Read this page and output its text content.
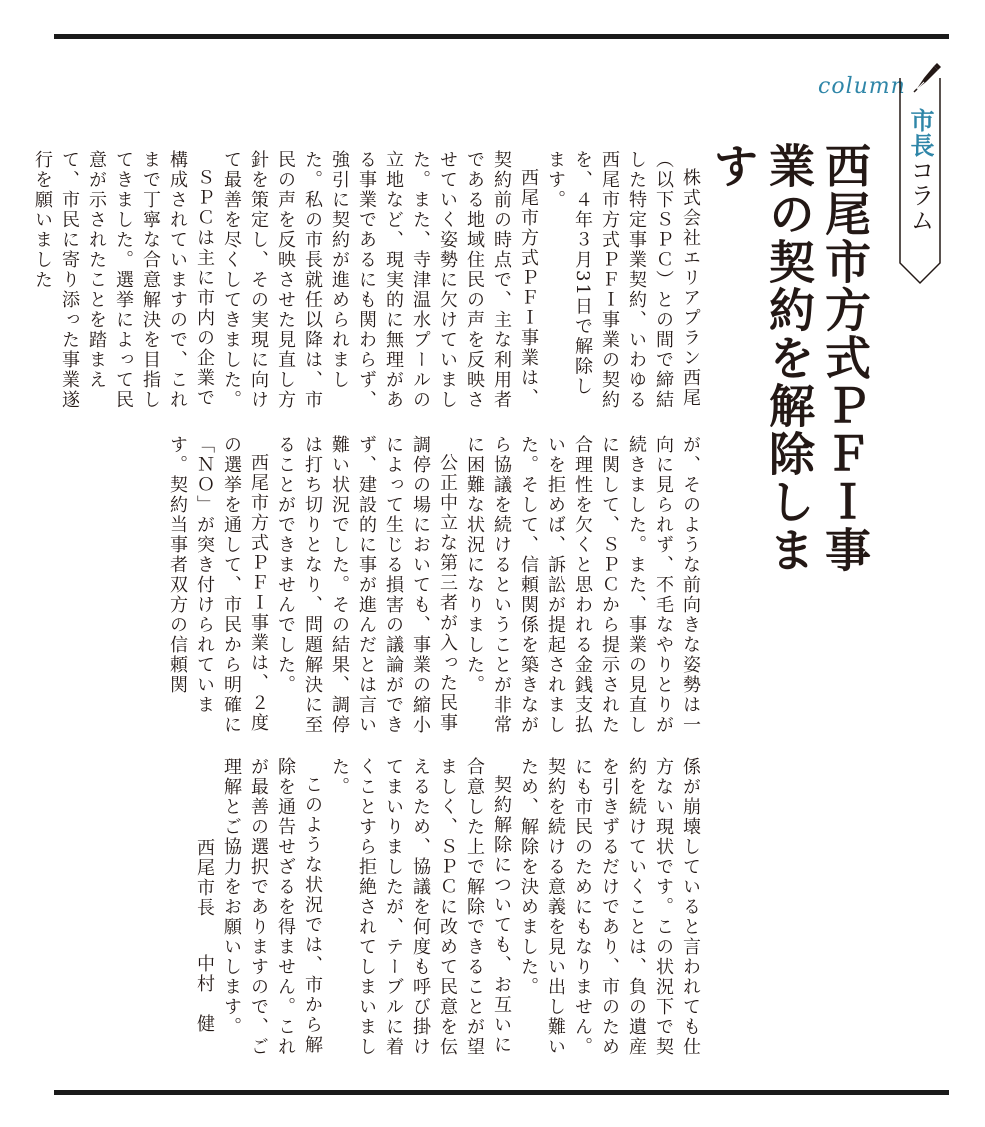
column
市長
コラム
西尾市方式ＰＦＩ事業の契約を解除します

株式会社エリアプラン西尾（以下ＳＰＣ）との間で締結した特定事業契約、いわゆる西尾市方式ＰＦＩ事業の契約を、４年３月31日で解除します。

西尾市方式ＰＦＩ事業は、契約前の時点で、主な利用者である地域住民の声を反映させていく姿勢に欠けていました。また、寺津温水プールの立地など、現実的に無理がある事業であるにも関わらず、強引に契約が進められました。私の市長就任以降は、市民の声を反映させた見直し方針を策定し、その実現に向けて最善を尽くしてきました。

ＳＰＣは主に市内の企業で構成されていますので、これまで丁寧な合意解決を目指してきました。選挙によって民意が示されたことを踏まえて、市民に寄り添った事業遂行を願いました

が、そのような前向きな姿勢は一向に見られず、不毛なやりとりが続きました。また、事業の見直しに関して、ＳＰＣから提示された合理性を欠くと思われる金銭支払いを拒めば、訴訟が提起されました。そして、信頼関係を築きながら協議を続けるということが非常に困難な状況になりました。

公正中立な第三者が入った民事調停の場においても、事業の縮小によって生じる損害の議論ができず、建設的に事が進んだとは言い難い状況でした。その結果、調停は打ち切りとなり、問題解決に至ることができませんでした。

西尾市方式ＰＦＩ事業は、２度の選挙を通して、市民から明確に「ＮＯ」が突き付けられています。契約当事者双方の信頼関

係が崩壊していると言われても仕方ない現状です。この状況下で契約を続けていくことは、負の遺産を引きずるだけであり、市のためにも市民のためにもなりません。契約を続ける意義を見い出し難いため、解除を決めました。

契約解除についても、お互いに合意した上で解除できることが望ましく、ＳＰＣに改めて民意を伝えるため、協議を何度も呼び掛けてまいりましたが、テーブルに着くことすら拒絶されてしまいました。

このような状況では、市から解除を通告せざるを得ません。これが最善の選択でありますので、ご理解とご協力をお願いします。

西尾市長中村　健
